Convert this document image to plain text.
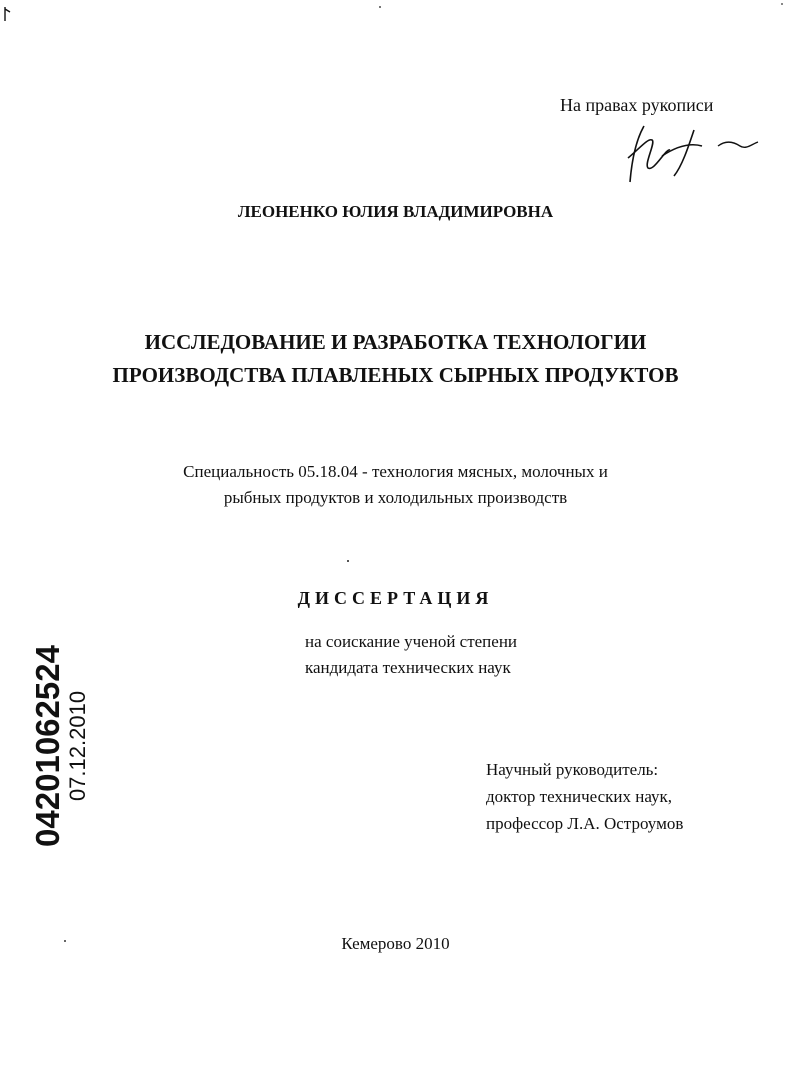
На правах рукописи
ЛЕОНЕНКО ЮЛИЯ ВЛАДИМИРОВНА
ИССЛЕДОВАНИЕ И РАЗРАБОТКА ТЕХНОЛОГИИ
ПРОИЗВОДСТВА ПЛАВЛЕНЫХ СЫРНЫХ ПРОДУКТОВ
Специальность 05.18.04 - технология мясных, молочных и
рыбных продуктов и холодильных производств
ДИССЕРТАЦИЯ
на соискание ученой степени
кандидата технических наук
Научный руководитель:
доктор технических наук,
профессор Л.А. Остроумов
Кемерово 2010
04201062524 07.12.2010
